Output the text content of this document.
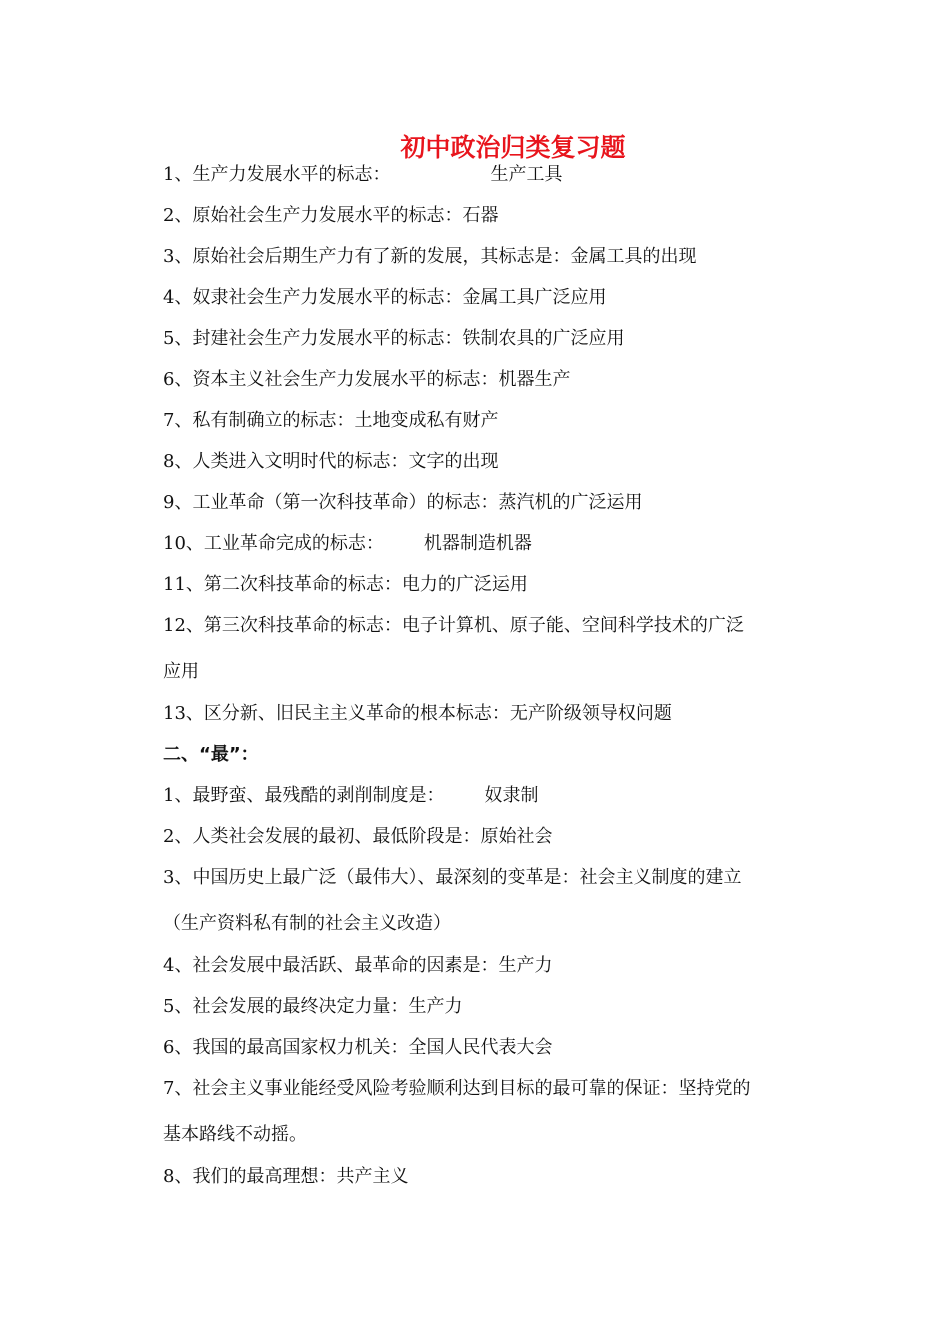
初中政治归类复习题
1、生产力发展水平的标志：	生产工具
2、原始社会生产力发展水平的标志：石器
3、原始社会后期生产力有了新的发展，其标志是：金属工具的出现
4、奴隶社会生产力发展水平的标志：金属工具广泛应用
5、封建社会生产力发展水平的标志：铁制农具的广泛应用
6、资本主义社会生产力发展水平的标志：机器生产
7、私有制确立的标志：土地变成私有财产
8、人类进入文明时代的标志：文字的出现
9、工业革命（第一次科技革命）的标志：蒸汽机的广泛运用
10、工业革命完成的标志： 机器制造机器
11、第二次科技革命的标志：电力的广泛运用
12、第三次科技革命的标志：电子计算机、原子能、空间科学技术的广泛
应用
13、区分新、旧民主主义革命的根本标志：无产阶级领导权问题
二、“最”：
1、最野蛮、最残酷的剥削制度是： 奴隶制
2、人类社会发展的最初、最低阶段是：原始社会
3、中国历史上最广泛（最伟大）、最深刻的变革是：社会主义制度的建立
（生产资料私有制的社会主义改造）
4、社会发展中最活跃、最革命的因素是：生产力
5、社会发展的最终决定力量：生产力
6、我国的最高国家权力机关：全国人民代表大会
7、社会主义事业能经受风险考验顺利达到目标的最可靠的保证：坚持党的
基本路线不动摇。
8、我们的最高理想：共产主义
